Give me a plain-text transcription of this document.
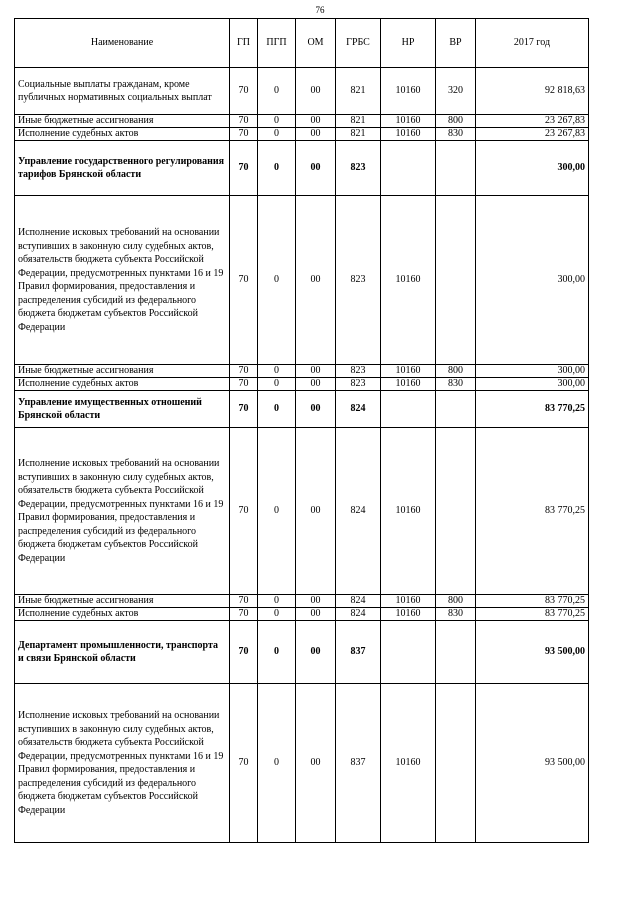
76
Наименование	ГП	ПГП	ОМ	ГРБС	НР	ВР	2017 год
Социальные выплаты гражданам, кроме публичных нормативных социальных выплат	70	0	00	821	10160	320	92 818,63
Иные бюджетные ассигнования	70	0	00	821	10160	800	23 267,83
Исполнение судебных актов	70	0	00	821	10160	830	23 267,83
Управление государственного регулирования тарифов Брянской области	70	0	00	823			300,00
Исполнение исковых требований на основании вступивших в законную силу судебных актов, обязательств бюджета субъекта Российской Федерации, предусмотренных пунктами 16 и 19 Правил формирования, предоставления и распределения субсидий из федерального бюджета бюджетам субъектов Российской Федерации	70	0	00	823	10160		300,00
Иные бюджетные ассигнования	70	0	00	823	10160	800	300,00
Исполнение судебных актов	70	0	00	823	10160	830	300,00
Управление имущественных отношений Брянской области	70	0	00	824			83 770,25
Исполнение исковых требований на основании вступивших в законную силу судебных актов, обязательств бюджета субъекта Российской Федерации, предусмотренных пунктами 16 и 19 Правил формирования, предоставления и распределения субсидий из федерального бюджета бюджетам субъектов Российской Федерации	70	0	00	824	10160		83 770,25
Иные бюджетные ассигнования	70	0	00	824	10160	800	83 770,25
Исполнение судебных актов	70	0	00	824	10160	830	83 770,25
Департамент промышленности, транспорта и связи Брянской области	70	0	00	837			93 500,00
Исполнение исковых требований на основании вступивших в законную силу судебных актов, обязательств бюджета субъекта Российской Федерации, предусмотренных пунктами 16 и 19 Правил формирования, предоставления и распределения субсидий из федерального бюджета бюджетам субъектов Российской Федерации	70	0	00	837	10160		93 500,00
